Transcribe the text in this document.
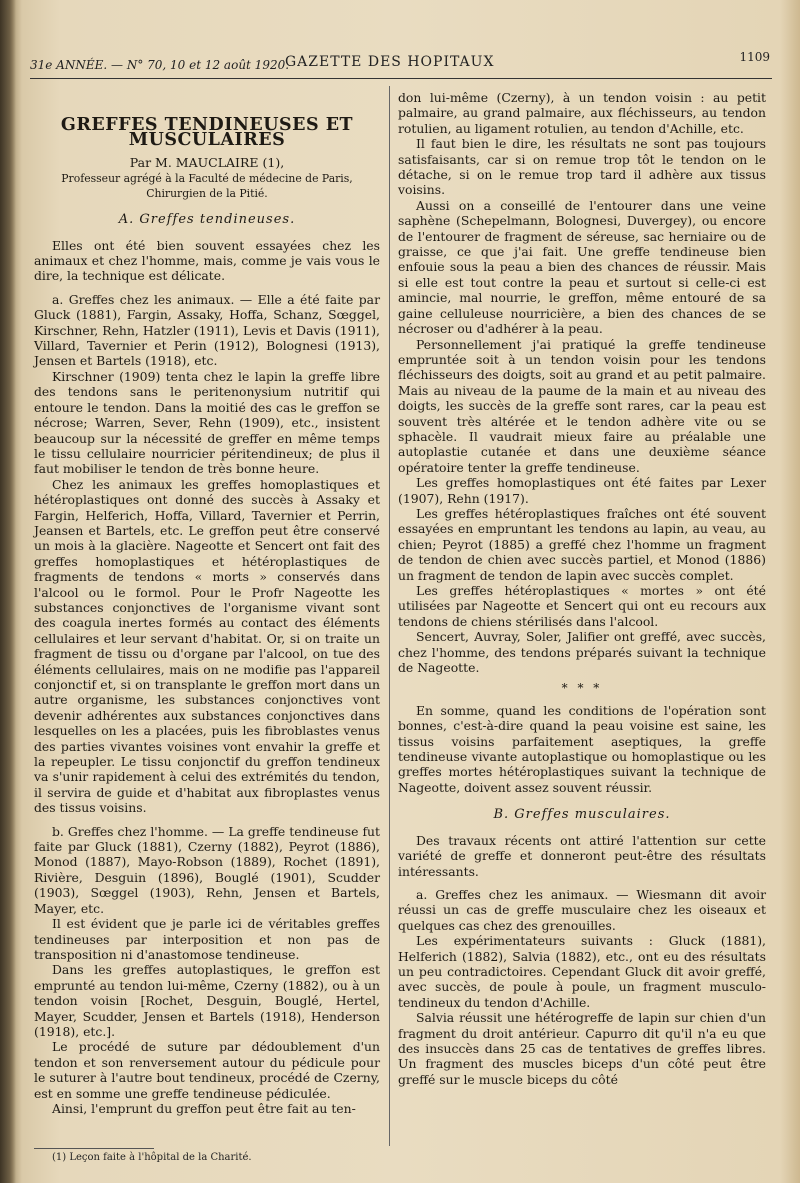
31e ANNÉE. — N° 70, 10 et 12 août 1920.
GAZETTE DES HOPITAUX	1109
GREFFES TENDINEUSES ET MUSCULAIRES
Par M. MAUCLAIRE (1),
Professeur agrégé à la Faculté de médecine de Paris,
Chirurgien de la Pitié.
A. Greffes tendineuses.

Elles ont été bien souvent essayées chez les animaux et chez l'homme, mais, comme je vais vous le dire, la technique est délicate.

a. Greffes chez les animaux. — Elle a été faite par Gluck (1881), Fargin, Assaky, Hoffa, Schanz, Sœggel, Kirschner, Rehn, Hatzler (1911), Levis et Davis (1911), Villard, Tavernier et Perin (1912), Bolognesi (1913), Jensen et Bartels (1918), etc.

Kirschner (1909) tenta chez le lapin la greffe libre des tendons sans le peritenonysium nutritif qui entoure le tendon. Dans la moitié des cas le greffon se nécrose; Warren, Sever, Rehn (1909), etc., insistent beaucoup sur la nécessité de greffer en même temps le tissu cellulaire nourricier péritendineux; de plus il faut mobiliser le tendon de très bonne heure.

Chez les animaux les greffes homoplastiques et hétéroplastiques ont donné des succès à Assaky et Fargin, Helferich, Hoffa, Villard, Tavernier et Perrin, Jeansen et Bartels, etc. Le greffon peut être conservé un mois à la glacière. Nageotte et Sencert ont fait des greffes homoplastiques et hétéroplastiques de fragments de tendons « morts » conservés dans l'alcool ou le formol. Pour le Profr Nageotte les substances conjonctives de l'organisme vivant sont des coagula inertes formés au contact des éléments cellulaires et leur servant d'habitat. Or, si on traite un fragment de tissu ou d'organe par l'alcool, on tue des éléments cellulaires, mais on ne modifie pas l'appareil conjonctif et, si on transplante le greffon mort dans un autre organisme, les substances conjonctives vont devenir adhérentes aux substances conjonctives dans lesquelles on les a placées, puis les fibroblastes venus des parties vivantes voisines vont envahir la greffe et la repeupler. Le tissu conjonctif du greffon tendineux va s'unir rapidement à celui des extrémités du tendon, il servira de guide et d'habitat aux fibroplastes venus des tissus voisins.

b. Greffes chez l'homme. — La greffe tendineuse fut faite par Gluck (1881), Czerny (1882), Peyrot (1886), Monod (1887), Mayo-Robson (1889), Rochet (1891), Rivière, Desguin (1896), Bouglé (1901), Scudder (1903), Sœggel (1903), Rehn, Jensen et Bartels, Mayer, etc.

Il est évident que je parle ici de véritables greffes tendineuses par interposition et non pas de transposition ni d'anastomose tendineuse.

Dans les greffes autoplastiques, le greffon est emprunté au tendon lui-même, Czerny (1882), ou à un tendon voisin [Rochet, Desguin, Bouglé, Hertel, Mayer, Scudder, Jensen et Bartels (1918), Henderson (1918), etc.].

Le procédé de suture par dédoublement d'un tendon et son renversement autour du pédicule pour le suturer à l'autre bout tendineux, procédé de Czerny, est en somme une greffe tendineuse pédiculée.

Ainsi, l'emprunt du greffon peut être fait au ten-

don lui-même (Czerny), à un tendon voisin : au petit palmaire, au grand palmaire, aux fléchisseurs, au tendon rotulien, au ligament rotulien, au tendon d'Achille, etc.

Il faut bien le dire, les résultats ne sont pas toujours satisfaisants, car si on remue trop tôt le tendon on le détache, si on le remue trop tard il adhère aux tissus voisins.

Aussi on a conseillé de l'entourer dans une veine saphène (Schepelmann, Bolognesi, Duvergey), ou encore de l'entourer de fragment de séreuse, sac herniaire ou de graisse, ce que j'ai fait. Une greffe tendineuse bien enfouie sous la peau a bien des chances de réussir. Mais si elle est tout contre la peau et surtout si celle-ci est amincie, mal nourrie, le greffon, même entouré de sa gaine celluleuse nourricière, a bien des chances de se nécroser ou d'adhérer à la peau.

Personnellement j'ai pratiqué la greffe tendineuse empruntée soit à un tendon voisin pour les tendons fléchisseurs des doigts, soit au grand et au petit palmaire. Mais au niveau de la paume de la main et au niveau des doigts, les succès de la greffe sont rares, car la peau est souvent très altérée et le tendon adhère vite ou se sphacèle. Il vaudrait mieux faire au préalable une autoplastie cutanée et dans une deuxième séance opératoire tenter la greffe tendineuse.

Les greffes homoplastiques ont été faites par Lexer (1907), Rehn (1917).

Les greffes hétéroplastiques fraîches ont été souvent essayées en empruntant les tendons au lapin, au veau, au chien; Peyrot (1885) a greffé chez l'homme un fragment de tendon de chien avec succès partiel, et Monod (1886) un fragment de tendon de lapin avec succès complet.

Les greffes hétéroplastiques « mortes » ont été utilisées par Nageotte et Sencert qui ont eu recours aux tendons de chiens stérilisés dans l'alcool.

Sencert, Auvray, Soler, Jalifier ont greffé, avec succès, chez l'homme, des tendons préparés suivant la technique de Nageotte.

* * *

En somme, quand les conditions de l'opération sont bonnes, c'est-à-dire quand la peau voisine est saine, les tissus voisins parfaitement aseptiques, la greffe tendineuse vivante autoplastique ou homoplastique ou les greffes mortes hétéroplastiques suivant la technique de Nageotte, doivent assez souvent réussir.

B. Greffes musculaires.

Des travaux récents ont attiré l'attention sur cette variété de greffe et donneront peut-être des résultats intéressants.

a. Greffes chez les animaux. — Wiesmann dit avoir réussi un cas de greffe musculaire chez les oiseaux et quelques cas chez des grenouilles.

Les expérimentateurs suivants : Gluck (1881), Helferich (1882), Salvia (1882), etc., ont eu des résultats un peu contradictoires. Cependant Gluck dit avoir greffé, avec succès, de poule à poule, un fragment musculo-tendineux du tendon d'Achille.

Salvia réussit une hétérogreffe de lapin sur chien d'un fragment du droit antérieur. Capurro dit qu'il n'a eu que des insuccès dans 25 cas de tentatives de greffes libres. Un fragment des muscles biceps d'un côté peut être greffé sur le muscle biceps du côté

(1) Leçon faite à l'hôpital de la Charité.
